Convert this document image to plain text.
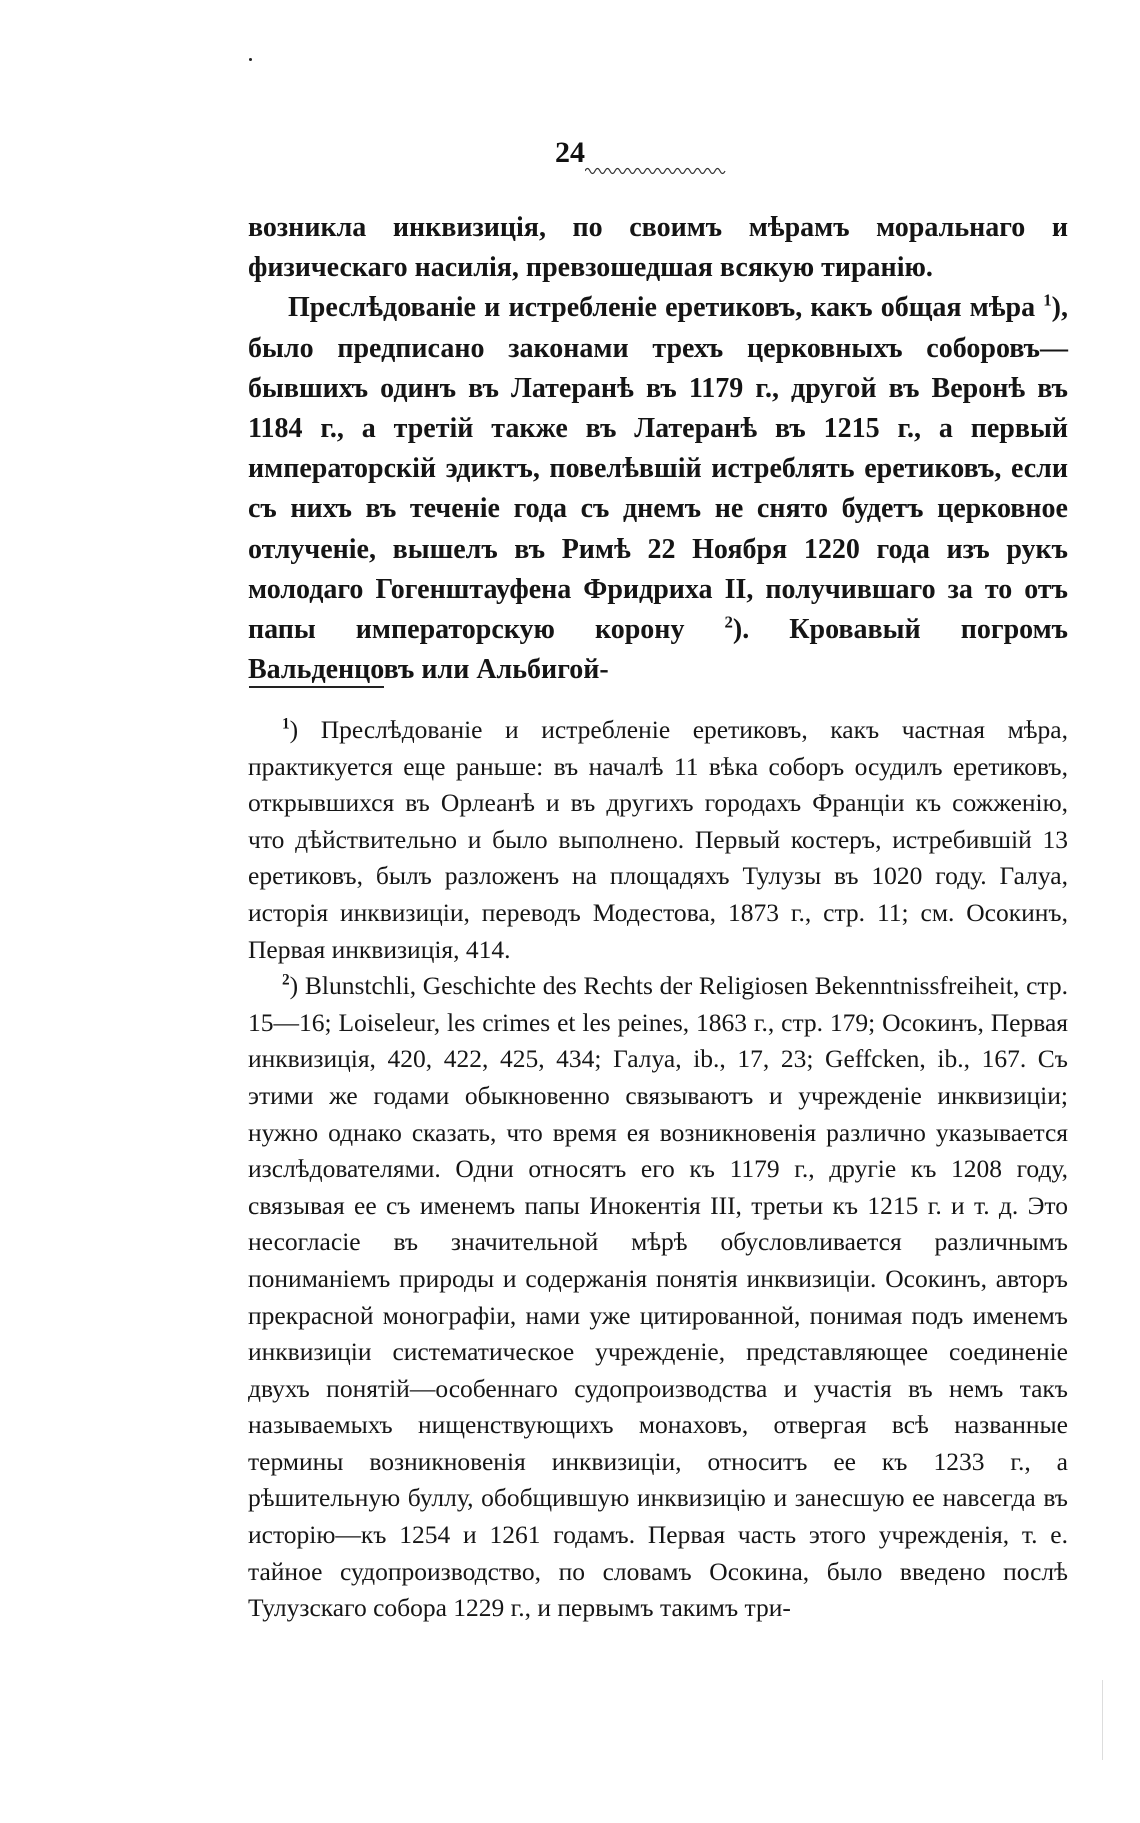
24

возникла инквизиція, по своимъ мѣрамъ моральнаго и физическаго насилія, превзошедшая всякую тиранію.

Преслѣдованіе и истребленіе еретиковъ, какъ общая мѣра $^1$), было предписано законами трехъ церковныхъ соборовъ—бывшихъ одинъ въ Латеранѣ въ 1179 г., другой въ Веронѣ въ 1184 г., а третій также въ Латеранѣ въ 1215 г., а первый императорскій эдиктъ, повелѣвшій истреблять еретиковъ, если съ нихъ въ теченіе года съ днемъ не снято будетъ церковное отлученіе, вышелъ въ Римѣ 22 Ноября 1220 года изъ рукъ молодаго Гогенштауфена Фридриха II, получившаго за то отъ папы императорскую корону $^2$). Кровавый погромъ Вальденцовъ или Альбигой-

$^1$) Преслѣдованіе и истребленіе еретиковъ, какъ частная мѣра, практикуется еще раньше: въ началѣ 11 вѣка соборъ осудилъ еретиковъ, открывшихся въ Орлеанѣ и въ другихъ городахъ Франціи къ сожженію, что дѣйствительно и было выполнено. Первый костеръ, истребившій 13 еретиковъ, былъ разложенъ на площадяхъ Тулузы въ 1020 году. Галуа, исторія инквизиціи, переводъ Модестова, 1873 г., стр. 11; см. Осокинъ, Первая инквизиція, 414.

$^2$) Blunstchli, Geschichte des Rechts der Religiosen Bekenntnissfreiheit, стр. 15—16; Loiseleur, les crimes et les peines, 1863 г., стр. 179; Осокинъ, Первая инквизиція, 420, 422, 425, 434; Галуа, ib., 17, 23; Geffcken, ib., 167. Съ этими же годами обыкновенно связываютъ и учрежденіе инквизиціи; нужно однако сказать, что время ея возникновенія различно указывается изслѣдователями. Одни относятъ его къ 1179 г., другіе къ 1208 году, связывая ее съ именемъ папы Инокентія III, третьи къ 1215 г. и т. д. Это несогласіе въ значительной мѣрѣ обусловливается различнымъ пониманіемъ природы и содержанія понятія инквизиціи. Осокинъ, авторъ прекрасной монографіи, нами уже цитированной, понимая подъ именемъ инквизиціи систематическое учрежденіе, представляющее соединеніе двухъ понятій—особеннаго судопроизводства и участія въ немъ такъ называемыхъ нищенствующихъ монаховъ, отвергая всѣ названные термины возникновенія инквизиціи, относитъ ее къ 1233 г., а рѣшительную буллу, обобщившую инквизицію и занесшую ее навсегда въ исторію—къ 1254 и 1261 годамъ. Первая часть этого учрежденія, т. е. тайное судопроизводство, по словамъ Осокина, было введено послѣ Тулузскаго собора 1229 г., и первымъ такимъ три-
